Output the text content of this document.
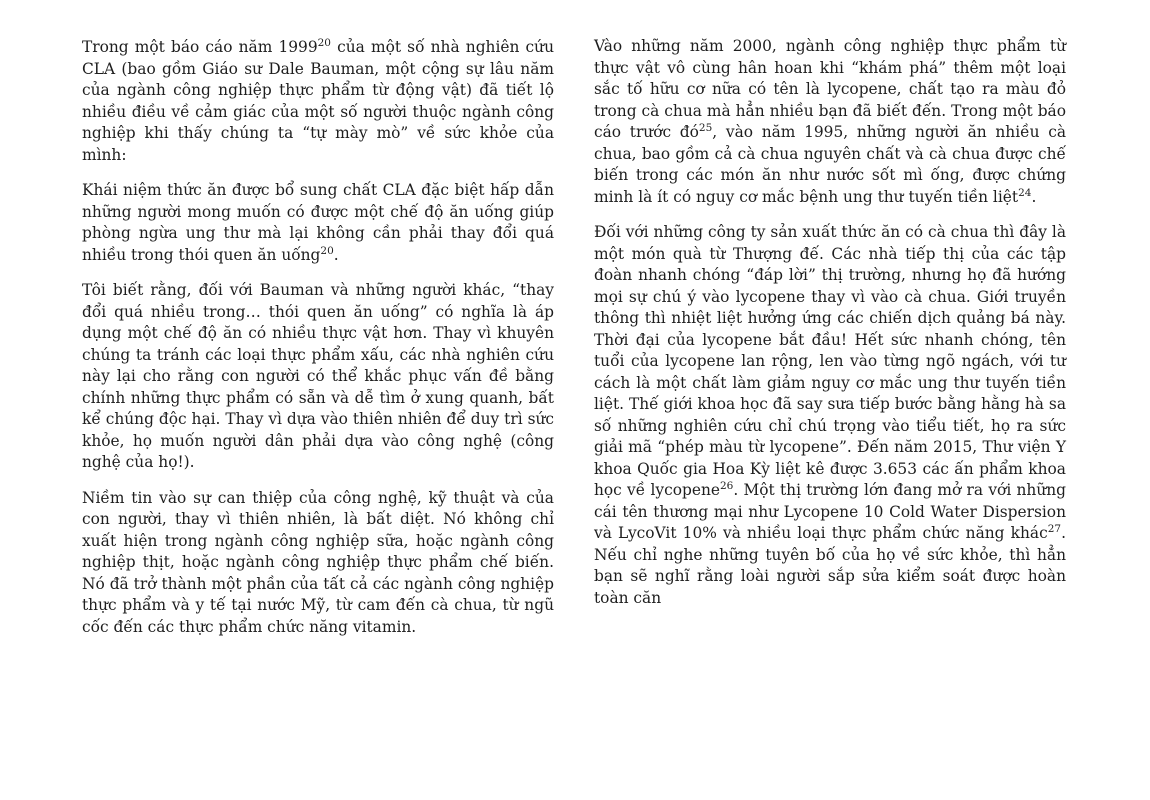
Trong một báo cáo năm 1999$^{20}$ của một số nhà nghiên cứu CLA (bao gồm Giáo sư Dale Bauman, một cộng sự lâu năm của ngành công nghiệp thực phẩm từ động vật) đã tiết lộ nhiều điều về cảm giác của một số người thuộc ngành công nghiệp khi thấy chúng ta “tự mày mò” về sức khỏe của mình:

Khái niệm thức ăn được bổ sung chất CLA đặc biệt hấp dẫn những người mong muốn có được một chế độ ăn uống giúp phòng ngừa ung thư mà lại không cần phải thay đổi quá nhiều trong thói quen ăn uống$^{20}$.

Tôi biết rằng, đối với Bauman và những người khác, “thay đổi quá nhiều trong… thói quen ăn uống” có nghĩa là áp dụng một chế độ ăn có nhiều thực vật hơn. Thay vì khuyên chúng ta tránh các loại thực phẩm xấu, các nhà nghiên cứu này lại cho rằng con người có thể khắc phục vấn đề bằng chính những thực phẩm có sẵn và dễ tìm ở xung quanh, bất kể chúng độc hại. Thay vì dựa vào thiên nhiên để duy trì sức khỏe, họ muốn người dân phải dựa vào công nghệ (công nghệ của họ!).

Niềm tin vào sự can thiệp của công nghệ, kỹ thuật và của con người, thay vì thiên nhiên, là bất diệt. Nó không chỉ xuất hiện trong ngành công nghiệp sữa, hoặc ngành công nghiệp thịt, hoặc ngành công nghiệp thực phẩm chế biến. Nó đã trở thành một phần của tất cả các ngành công nghiệp thực phẩm và y tế tại nước Mỹ, từ cam đến cà chua, từ ngũ cốc đến các thực phẩm chức năng vitamin.

Vào những năm 2000, ngành công nghiệp thực phẩm từ thực vật vô cùng hân hoan khi “khám phá” thêm một loại sắc tố hữu cơ nữa có tên là lycopene, chất tạo ra màu đỏ trong cà chua mà hẳn nhiều bạn đã biết đến. Trong một báo cáo trước $đó^{25}$, vào năm 1995, những người ăn nhiều cà chua, bao gồm cả cà chua nguyên chất và cà chua được chế biến trong các món ăn như nước sốt mì ống, được chứng minh là ít có nguy cơ mắc bệnh ung thư tuyến tiền liệt$^{24}$.

Đối với những công ty sản xuất thức ăn có cà chua thì đây là một món quà từ Thượng đế. Các nhà tiếp thị của các tập đoàn nhanh chóng “đáp lời” thị trường, nhưng họ đã hướng mọi sự chú ý vào lycopene thay vì vào cà chua. Giới truyền thông thì nhiệt liệt hưởng ứng các chiến dịch quảng bá này. Thời đại của lycopene bắt đầu! Hết sức nhanh chóng, tên tuổi của lycopene lan rộng, len vào từng ngõ ngách, với tư cách là một chất làm giảm nguy cơ mắc ung thư tuyến tiền liệt. Thế giới khoa học đã say sưa tiếp bước bằng hằng hà sa số những nghiên cứu chỉ chú trọng vào tiểu tiết, họ ra sức giải mã “phép màu từ lycopene”. Đến năm 2015, Thư viện Y khoa Quốc gia Hoa Kỳ liệt kê được 3.653 các ấn phẩm khoa học về lycopene$^{26}$. Một thị trường lớn đang mở ra với những cái tên thương mại như Lycopene 10 Cold Water Dispersion và LycoVit 10% và nhiều loại thực phẩm chức năng khác$^{27}$. Nếu chỉ nghe những tuyên bố của họ về sức khỏe, thì hẳn bạn sẽ nghĩ rằng loài người sắp sửa kiểm soát được hoàn toàn căn
